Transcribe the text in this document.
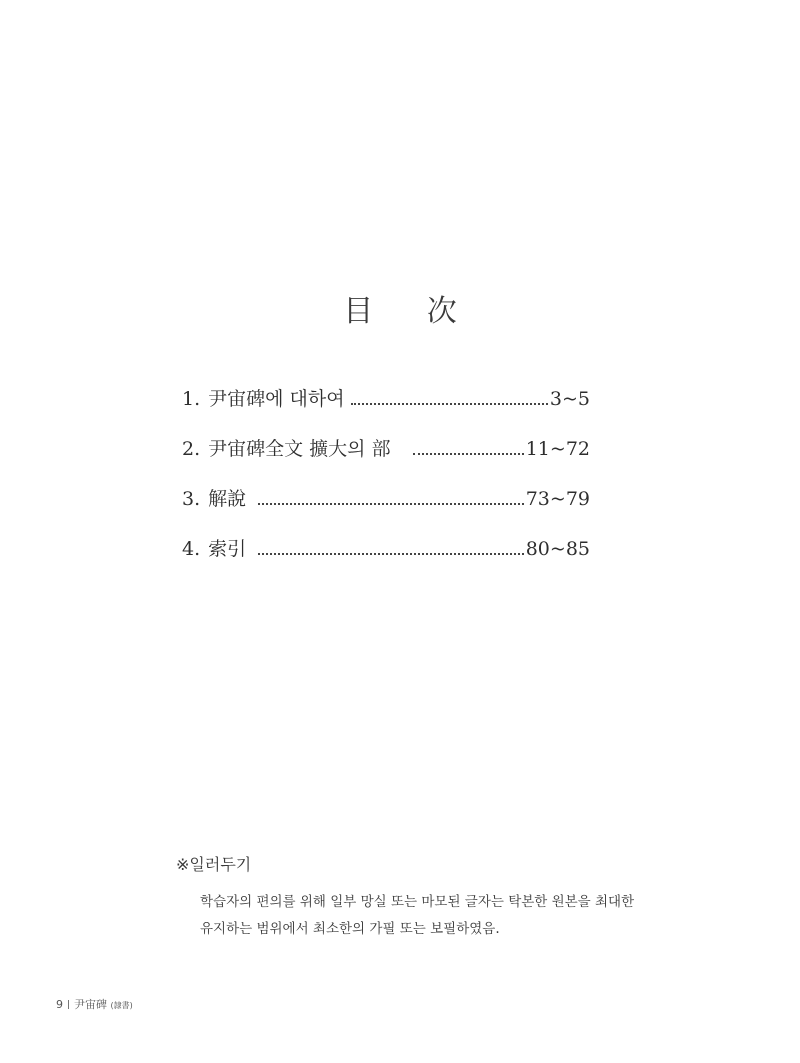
目 次
1. 尹宙碑에 대하여	3~5
2. 尹宙碑全文 擴大의 部	11~72
3. 解說	73~79
4. 索引	80~85
※일러두기
학습자의 편의를 위해 일부 망실 또는 마모된 글자는 탁본한 원본을 최대한
유지하는 범위에서 최소한의 가필 또는 보필하였음.
9 尹宙碑 (隷書)
